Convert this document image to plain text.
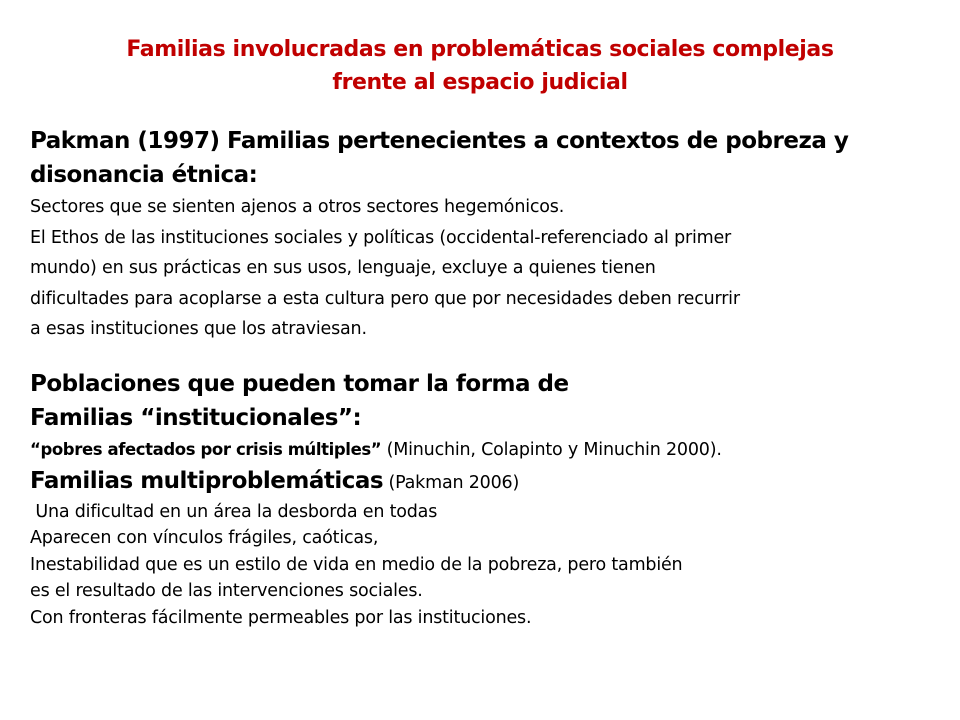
Familias involucradas en problemáticas sociales complejas
frente al espacio judicial
Pakman (1997) Familias pertenecientes a contextos de pobreza y
disonancia étnica:
Sectores que se sienten ajenos a otros sectores hegemónicos.
El Ethos de las instituciones sociales y políticas (occidental-referenciado al primer
mundo) en sus prácticas en sus usos, lenguaje, excluye a quienes tienen
dificultades para acoplarse a esta cultura pero que por necesidades deben recurrir
a esas instituciones que los atraviesan.
Poblaciones que pueden tomar la forma de
Familias “institucionales”:
“pobres afectados por crisis múltiples” (Minuchin, Colapinto y Minuchin 2000).
Familias multiproblemáticas (Pakman 2006)
Una dificultad en un área la desborda en todas
Aparecen con vínculos frágiles, caóticas,
Inestabilidad que es un estilo de vida en medio de la pobreza, pero también
es el resultado de las intervenciones sociales.
Con fronteras fácilmente permeables por las instituciones.
